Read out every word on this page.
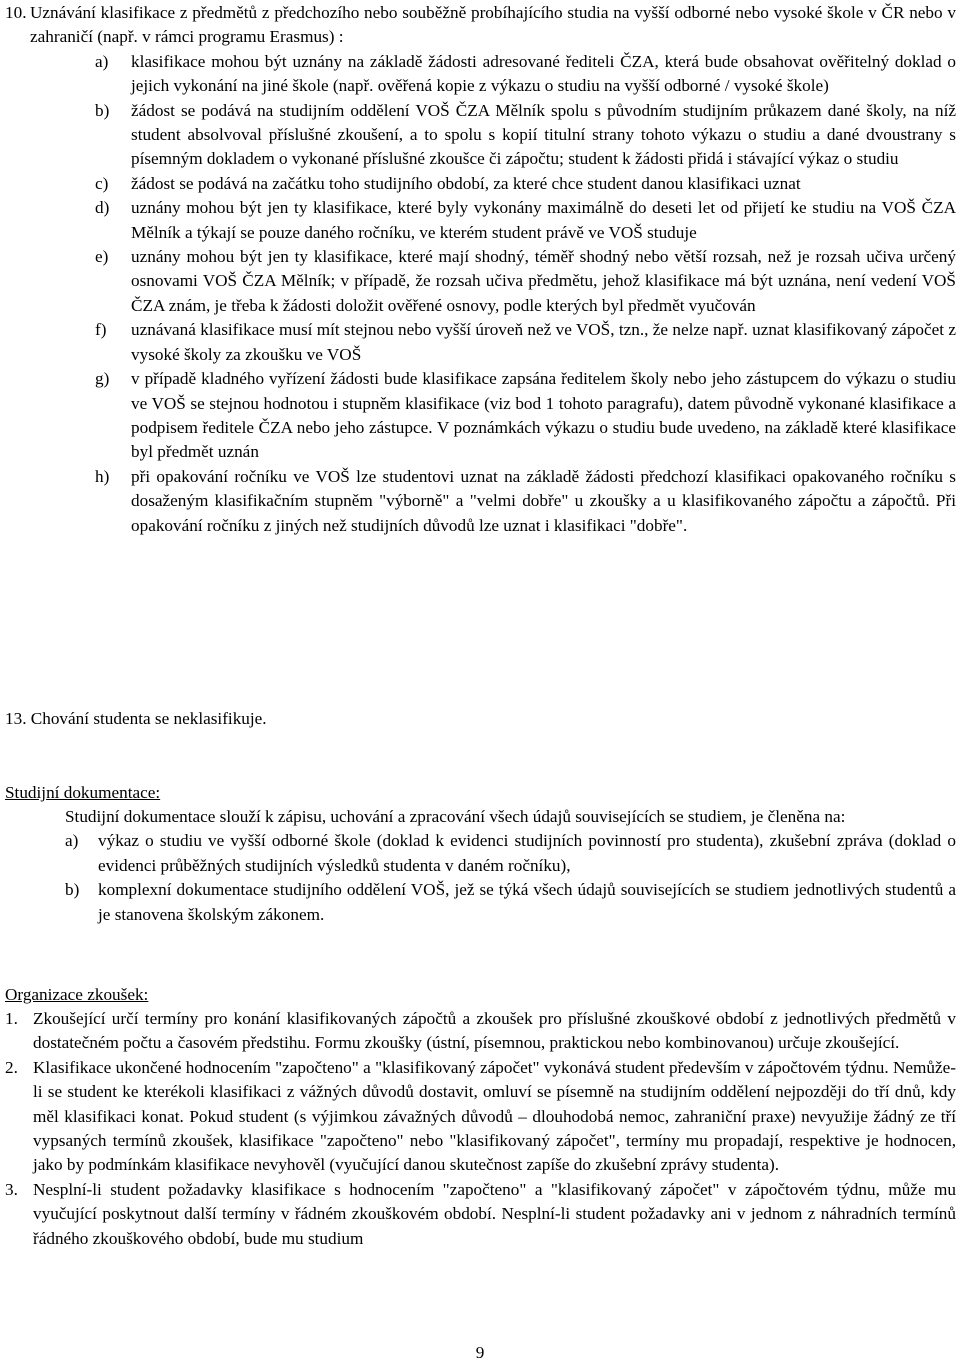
10. Uznávání klasifikace z předmětů z předchozího nebo souběžně probíhajícího studia na vyšší odborné nebo vysoké škole v ČR nebo v zahraničí (např. v rámci programu Erasmus) :
a) klasifikace mohou být uznány na základě žádosti adresované řediteli ČZA, která bude obsahovat ověřitelný doklad o jejich vykonání na jiné škole (např. ověřená kopie z výkazu o studiu na vyšší odborné / vysoké škole)
b) žádost se podává na studijním oddělení VOŠ ČZA Mělník spolu s původním studijním průkazem dané školy, na níž student absolvoval příslušné zkoušení, a to spolu s kopií titulní strany tohoto výkazu o studiu a dané dvoustrany s písemným dokladem o vykonané příslušné zkoušce či zápočtu; student k žádosti přidá i stávající výkaz o studiu
c) žádost se podává na začátku toho studijního období, za které chce student danou klasifikaci uznat
d) uznány mohou být jen ty klasifikace, které byly vykonány maximálně do deseti let od přijetí ke studiu na VOŠ ČZA Mělník a týkají se pouze daného ročníku, ve kterém student právě ve VOŠ studuje
e) uznány mohou být jen ty klasifikace, které mají shodný, téměř shodný nebo větší rozsah, než je rozsah učiva určený osnovami VOŠ ČZA Mělník; v případě, že rozsah učiva předmětu, jehož klasifikace má být uznána, není vedení VOŠ ČZA znám, je třeba k žádosti doložit ověřené osnovy, podle kterých byl předmět vyučován
f) uznávaná klasifikace musí mít stejnou nebo vyšší úroveň než ve VOŠ, tzn., že nelze např. uznat klasifikovaný zápočet z vysoké školy za zkoušku ve VOŠ
g) v případě kladného vyřízení žádosti bude klasifikace zapsána ředitelem školy nebo jeho zástupcem do výkazu o studiu ve VOŠ se stejnou hodnotou i stupněm klasifikace (viz bod 1 tohoto paragrafu), datem původně vykonané klasifikace a podpisem ředitele ČZA nebo jeho zástupce. V poznámkách výkazu o studiu bude uvedeno, na základě které klasifikace byl předmět uznán
h) při opakování ročníku ve VOŠ lze studentovi uznat na základě žádosti předchozí klasifikaci opakovaného ročníku s dosaženým klasifikačním stupněm "výborně" a "velmi dobře" u zkoušky a u klasifikovaného zápočtu a zápočtů. Při opakování ročníku z jiných než studijních důvodů lze uznat i klasifikaci "dobře".
13. Chování studenta se neklasifikuje.
Studijní dokumentace:
Studijní dokumentace slouží k zápisu, uchování a zpracování všech údajů souvisejících se studiem, je členěna na:
a) výkaz o studiu ve vyšší odborné škole (doklad k evidenci studijních povinností pro studenta), zkušební zpráva (doklad o evidenci průběžných studijních výsledků studenta v daném ročníku),
b) komplexní dokumentace studijního oddělení VOŠ, jež se týká všech údajů souvisejících se studiem jednotlivých studentů a je stanovena školským zákonem.
Organizace zkoušek:
1. Zkoušející určí termíny pro konání klasifikovaných zápočtů a zkoušek pro příslušné zkouškové období z jednotlivých předmětů v dostatečném počtu a časovém předstihu. Formu zkoušky (ústní, písemnou, praktickou nebo kombinovanou) určuje zkoušející.
2. Klasifikace ukončené hodnocením "započteno" a "klasifikovaný zápočet" vykonává student především v zápočtovém týdnu. Nemůže-li se student ke kterékoli klasifikaci z vážných důvodů dostavit, omluví se písemně na studijním oddělení nejpozději do tří dnů, kdy měl klasifikaci konat. Pokud student (s výjimkou závažných důvodů – dlouhodobá nemoc, zahraniční praxe) nevyužije žádný ze tří vypsaných termínů zkoušek, klasifikace "započteno" nebo "klasifikovaný zápočet", termíny mu propadají, respektive je hodnocen, jako by podmínkám klasifikace nevyhověl (vyučující danou skutečnost zapíše do zkušební zprávy studenta).
3. Nesplní-li student požadavky klasifikace s hodnocením "započteno" a "klasifikovaný zápočet" v zápočtovém týdnu, může mu vyučující poskytnout další termíny v řádném zkouškovém období. Nesplní-li student požadavky ani v jednom z náhradních termínů řádného zkouškového období, bude mu studium
9
